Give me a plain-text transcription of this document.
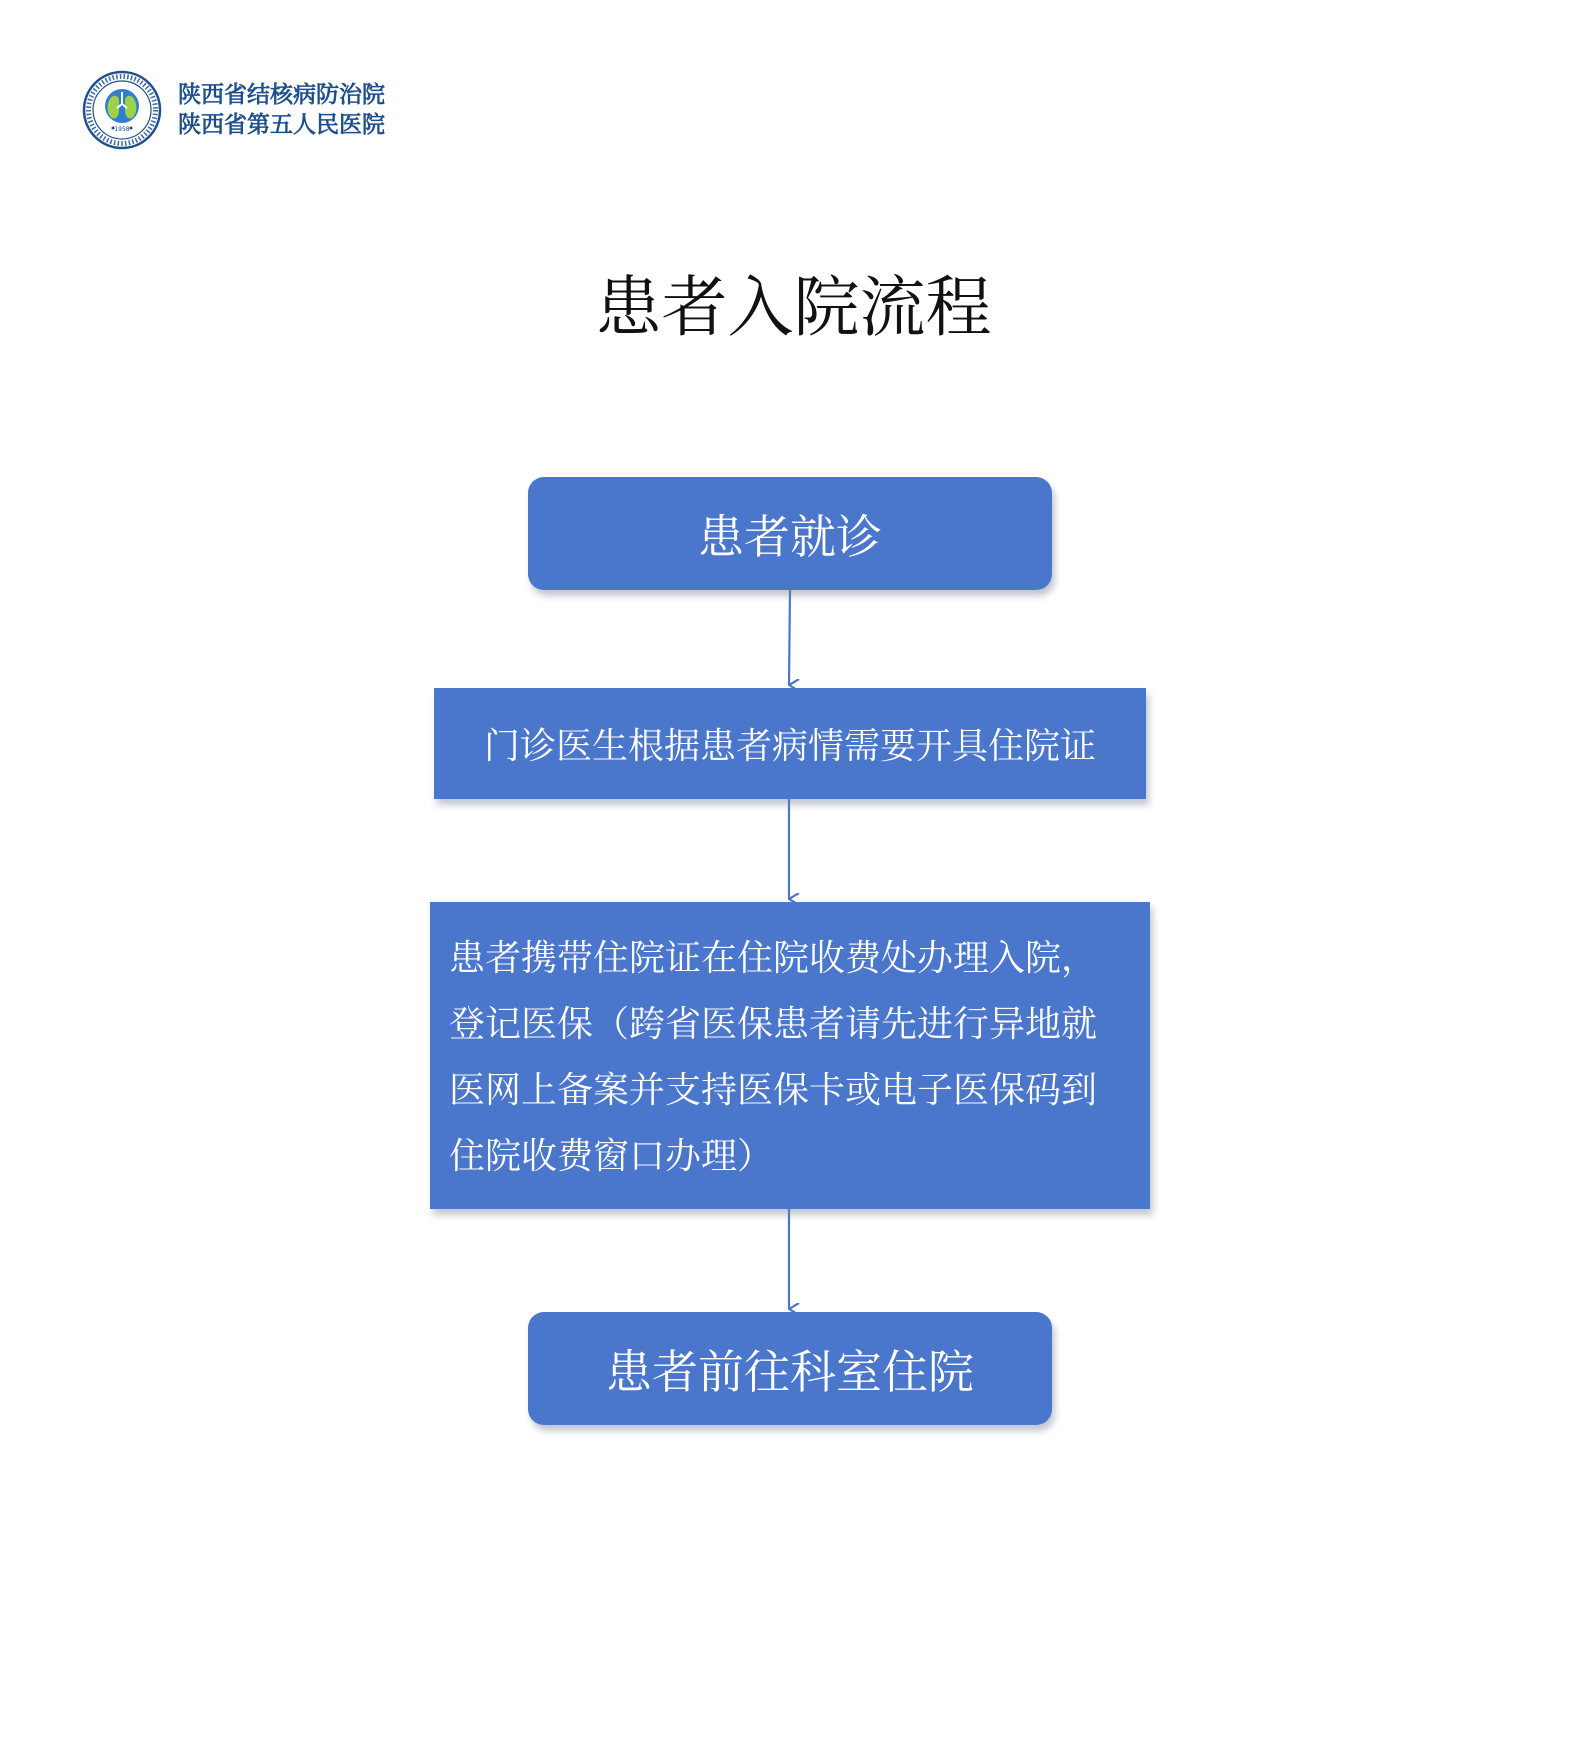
1958
陕西省结核病防治院
陕西省第五人民医院
患者入院流程
患者就诊
门诊医生根据患者病情需要开具住院证
患者携带住院证在住院收费处办理入院，
登记医保（跨省医保患者请先进行异地就
医网上备案并支持医保卡或电子医保码到
住院收费窗口办理）
患者前往科室住院
